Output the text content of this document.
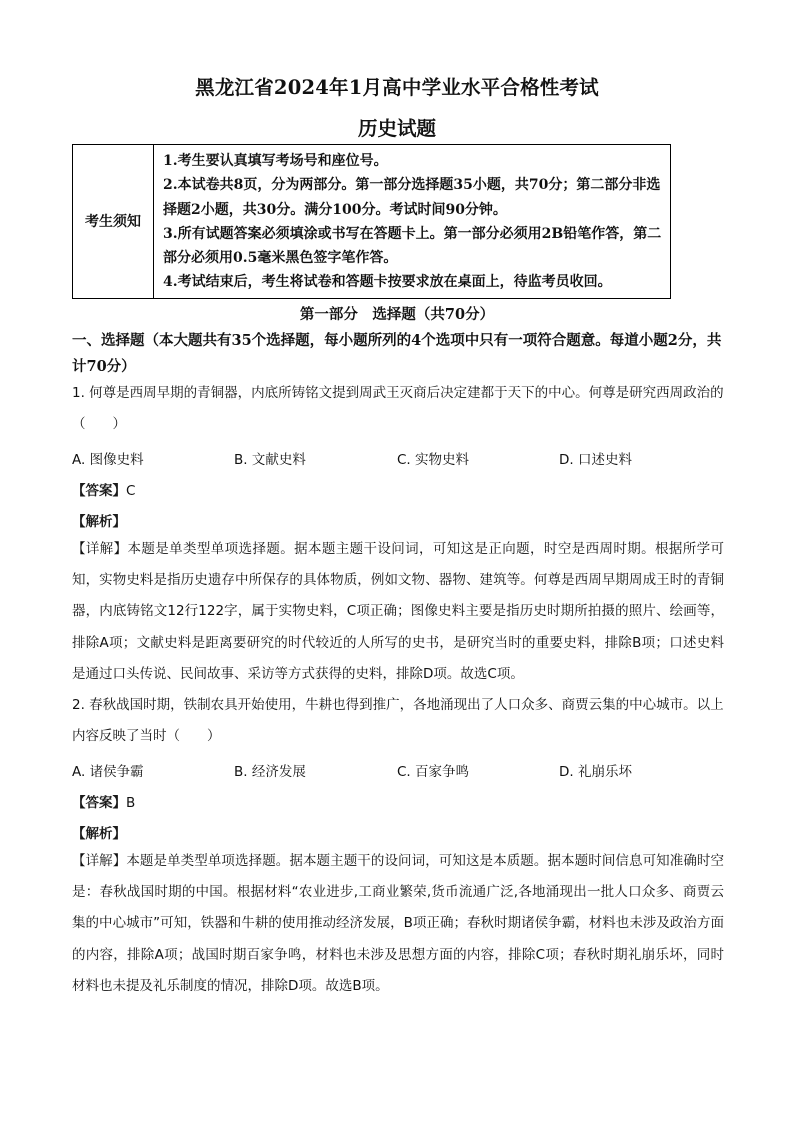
黑龙江省2024年1月高中学业水平合格性考试
历史试题
考生须知	

1.考生要认真填写考场号和座位号。

2.本试卷共8页，分为两部分。第一部分选择题35小题，共70分；第二部分非选择题2小题，共30分。满分100分。考试时间90分钟。

3.所有试题答案必须填涂或书写在答题卡上。第一部分必须用2B铅笔作答，第二部分必须用0.5毫米黑色签字笔作答。

4.考试结束后，考生将试卷和答题卡按要求放在桌面上，待监考员收回。

第一部分　选择题（共70分）
一、选择题（本大题共有35个选择题，每小题所列的4个选项中只有一项符合题意。每道小题2分，共计70分）
1. 何尊是西周早期的青铜器，内底所铸铭文提到周武王灭商后决定建都于天下的中心。何尊是研究西周政治的（　　）
A. 图像史料	B. 文献史料	C. 实物史料	D. 口述史料
【答案】C
【解析】
【详解】本题是单类型单项选择题。据本题主题干设问词，可知这是正向题，时空是西周时期。根据所学可知，实物史料是指历史遗存中所保存的具体物质，例如文物、器物、建筑等。何尊是西周早期周成王时的青铜器，内底铸铭文12行122字，属于实物史料，C项正确；图像史料主要是指历史时期所拍摄的照片、绘画等，排除A项；文献史料是距离要研究的时代较近的人所写的史书，是研究当时的重要史料，排除B项；口述史料是通过口头传说、民间故事、采访等方式获得的史料，排除D项。故选C项。
2. 春秋战国时期，铁制农具开始使用，牛耕也得到推广，各地涌现出了人口众多、商贾云集的中心城市。以上内容反映了当时（　　）
A. 诸侯争霸	B. 经济发展	C. 百家争鸣	D. 礼崩乐坏
【答案】B
【解析】
【详解】本题是单类型单项选择题。据本题主题干的设问词，可知这是本质题。据本题时间信息可知准确时空是：春秋战国时期的中国。根据材料“农业进步,工商业繁荣,货币流通广泛,各地涌现出一批人口众多、商贾云集的中心城市”可知，铁器和牛耕的使用推动经济发展，B项正确；春秋时期诸侯争霸，材料也未涉及政治方面的内容，排除A项；战国时期百家争鸣，材料也未涉及思想方面的内容，排除C项；春秋时期礼崩乐坏，同时材料也未提及礼乐制度的情况，排除D项。故选B项。
